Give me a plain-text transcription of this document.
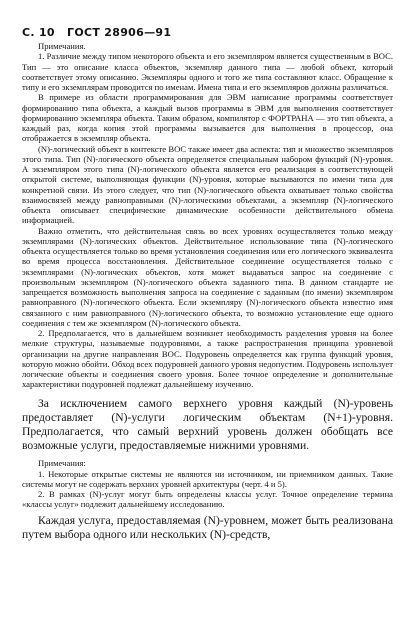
С. 10 ГОСТ 28906—91

Примечания.

1. Различие между типом некоторого объекта и его экземпляром является существенным в ВОС. Тип — это описание класса объектов, экземпляр данного типа — любой объект, который соответствует этому описанию. Экземпляры одного и того же типа составляют класс. Обращение к типу и его экземплярам проводится по именам. Имена типа и его экземпляров должны различаться.

В примере из области программирования для ЭВМ написание программы соответствует формированию типа объекта, а каждый вызов программы в ЭВМ для выполнения соответствует формированию экземпляра объекта. Таким образом, компилятор с ФОРТРАНА — это тип объекта, а каждый раз, когда копия этой программы вызывается для выполнения в процессор, она отображается в экземпляр объекта.

(N)-логический объект в контексте ВОС также имеет два аспекта: тип и множество экземпляров этого типа. Тип (N)-логического объекта определяется специальным набором функций (N)-уровня. А экземпляром этого типа (N)-логического объекта является его реализация в соответствующей открытой системе, выполняющая функции (N)-уровня, которые вызываются по имени типа для конкретной связи. Из этого следует, что тип (N)-логического объекта охватывает только свойства взаимосвязей между равноправными (N)-логическими объектами, а экземпляр (N)-логического объекта описывает специфические динамические особенности действительного обмена информацией.

Важно отметить, что действительная связь во всех уровнях осуществляется только между экземплярами (N)-логических объектов. Действительное использование типа (N)-логического объекта осуществляется только во время установления соединения или его логического эквивалента во время процесса восстановления. Действительное соединение осуществляется только с экземплярами (N)-логических объектов, хотя может выдаваться запрос на соединение с произвольным экземпляром (N)-логического объекта заданного типа. В данном стандарте не запрещается возможность выполнения запроса на соединение с заданным (по имени) экземпляром равноправного (N)-логического объекта. Если экземпляру (N)-логического объекта известно имя связанного с ним равноправного (N)-логического объекта, то возможно установление еще одного соединения с тем же экземпляром (N)-логического объекта.

2. Предполагается, что в дальнейшем возникнет необходимость разделения уровня на более мелкие структуры, называемые подуровнями, а также распространения принципа уровневой организации на другие направления ВОС. Подуровень определяется как группа функций уровня, которую можно обойти. Обход всех подуровней данного уровня недопустим. Подуровень использует логические объекты и соединения своего уровня. Более точное определение и дополнительные характеристики подуровней подлежат дальнейшему изучению.

За исключением самого верхнего уровня каждый (N)-уровень предоставляет (N)-услуги логическим объектам (N+1)-уровня. Предполагается, что самый верхний уровень должен обобщать все возможные услуги, предоставляемые нижними уровнями.

Примечания:

1. Некоторые открытые системы не являются ни источником, ни приемником данных. Такие системы могут не содержать верхних уровней архитектуры (черт. 4 и 5).

2. В рамках (N)-услуг могут быть определены классы услуг. Точное определение термина «классы услуг» подлежит дальнейшему исследованию.

Каждая услуга, предоставляемая (N)-уровнем, может быть реализована путем выбора одного или нескольких (N)-средств,
